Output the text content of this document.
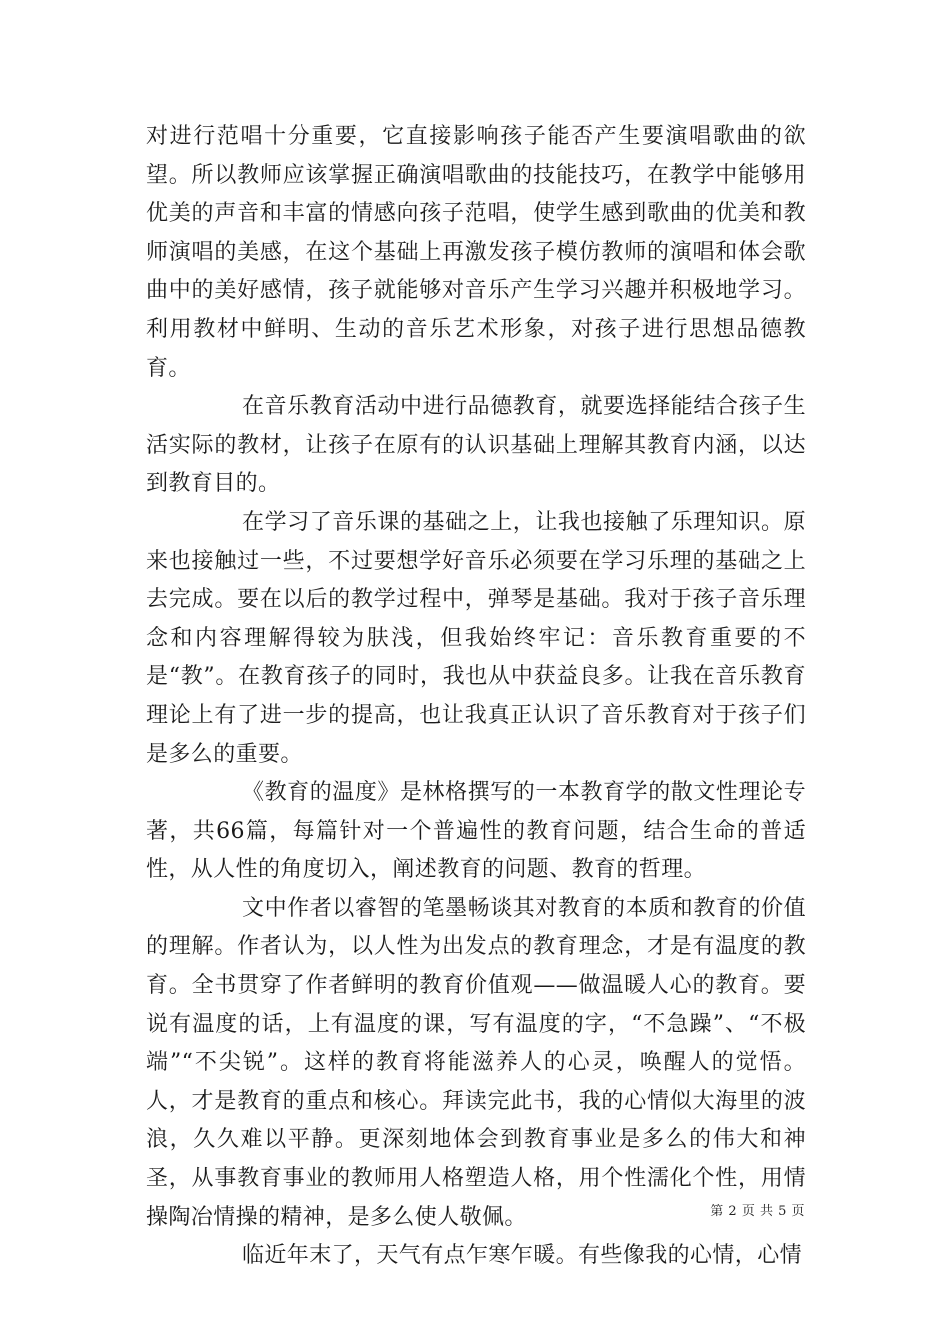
对进行范唱十分重要，它直接影响孩子能否产生要演唱歌曲的欲望。所以教师应该掌握正确演唱歌曲的技能技巧，在教学中能够用优美的声音和丰富的情感向孩子范唱，使学生感到歌曲的优美和教师演唱的美感，在这个基础上再激发孩子模仿教师的演唱和体会歌曲中的美好感情，孩子就能够对音乐产生学习兴趣并积极地学习。利用教材中鲜明、生动的音乐艺术形象，对孩子进行思想品德教育。

在音乐教育活动中进行品德教育，就要选择能结合孩子生活实际的教材，让孩子在原有的认识基础上理解其教育内涵，以达到教育目的。

在学习了音乐课的基础之上，让我也接触了乐理知识。原来也接触过一些，不过要想学好音乐必须要在学习乐理的基础之上去完成。要在以后的教学过程中，弹琴是基础。我对于孩子音乐理念和内容理解得较为肤浅，但我始终牢记：音乐教育重要的不是“教”。在教育孩子的同时，我也从中获益良多。让我在音乐教育理论上有了进一步的提高，也让我真正认识了音乐教育对于孩子们是多么的重要。

《教育的温度》是林格撰写的一本教育学的散文性理论专著，共66篇，每篇针对一个普遍性的教育问题，结合生命的普适性，从人性的角度切入，阐述教育的问题、教育的哲理。

文中作者以睿智的笔墨畅谈其对教育的本质和教育的价值的理解。作者认为，以人性为出发点的教育理念，才是有温度的教育。全书贯穿了作者鲜明的教育价值观——做温暖人心的教育。要说有温度的话，上有温度的课，写有温度的字，“不急躁”、“不极端”“不尖锐”。这样的教育将能滋养人的心灵，唤醒人的觉悟。人，才是教育的重点和核心。拜读完此书，我的心情似大海里的波浪，久久难以平静。更深刻地体会到教育事业是多么的伟大和神圣，从事教育事业的教师用人格塑造人格，用个性濡化个性，用情操陶冶情操的精神，是多么使人敬佩。

临近年末了，天气有点乍寒乍暖。有些像我的心情，心情

第 2 页 共 5 页
